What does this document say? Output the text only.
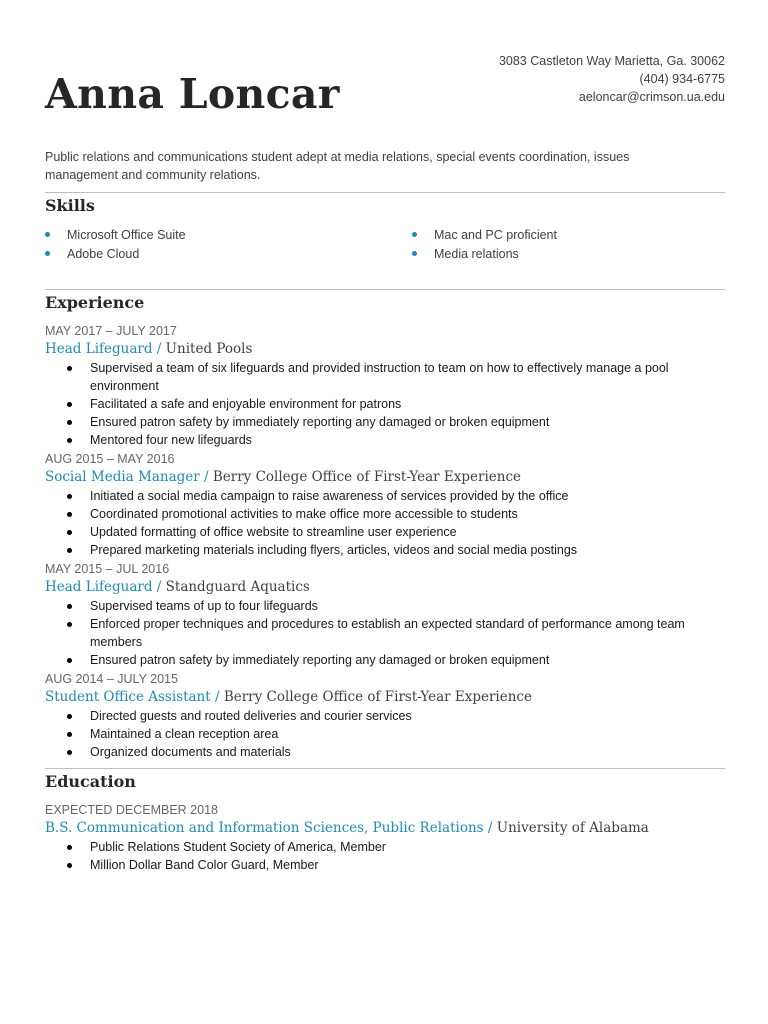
3083 Castleton Way Marietta, Ga. 30062
(404) 934-6775
aeloncar@crimson.ua.edu
Anna Loncar
Public relations and communications student adept at media relations, special events coordination, issues management and community relations.
Skills
Microsoft Office Suite
Adobe Cloud
Mac and PC proficient
Media relations
Experience
MAY 2017 – JULY 2017
Head Lifeguard / United Pools
Supervised a team of six lifeguards and provided instruction to team on how to effectively manage a pool environment
Facilitated a safe and enjoyable environment for patrons
Ensured patron safety by immediately reporting any damaged or broken equipment
Mentored four new lifeguards
AUG 2015 – MAY 2016
Social Media Manager / Berry College Office of First-Year Experience
Initiated a social media campaign to raise awareness of services provided by the office
Coordinated promotional activities to make office more accessible to students
Updated formatting of office website to streamline user experience
Prepared marketing materials including flyers, articles, videos and social media postings
MAY 2015 – JUL 2016
Head Lifeguard / Standguard Aquatics
Supervised teams of up to four lifeguards
Enforced proper techniques and procedures to establish an expected standard of performance among team members
Ensured patron safety by immediately reporting any damaged or broken equipment
AUG 2014 – JULY 2015
Student Office Assistant / Berry College Office of First-Year Experience
Directed guests and routed deliveries and courier services
Maintained a clean reception area
Organized documents and materials
Education
EXPECTED DECEMBER 2018
B.S. Communication and Information Sciences, Public Relations / University of Alabama
Public Relations Student Society of America, Member
Million Dollar Band Color Guard, Member
